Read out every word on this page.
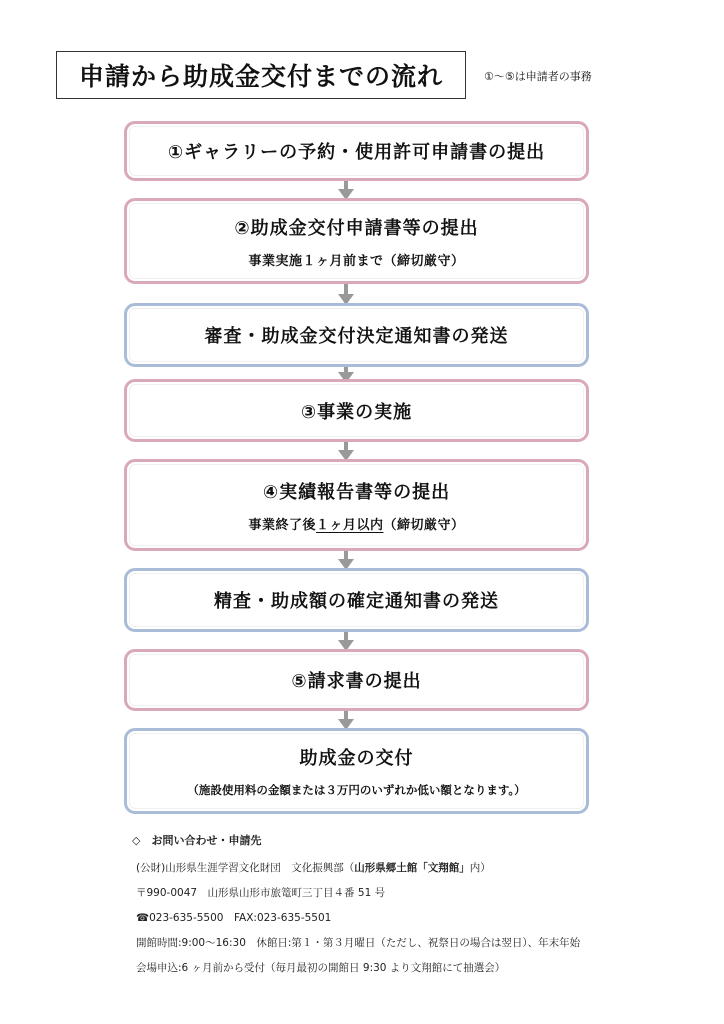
申請から助成金交付までの流れ	①〜⑤は申請者の事務
①ギャラリーの予約・使用許可申請書の提出
②助成金交付申請書等の提出
事業実施１ヶ月前まで（締切厳守）
審査・助成金交付決定通知書の発送
③事業の実施
④実績報告書等の提出
事業終了後１ヶ月以内（締切厳守）
精査・助成額の確定通知書の発送
⑤請求書の提出
助成金の交付
（施設使用料の金額または３万円のいずれか低い額となります。）
◇　お問い合わせ・申請先
(公財)山形県生涯学習文化財団　文化振興部（山形県郷土館「文翔館」内）
〒990-0047　山形県山形市旅篭町三丁目４番 51 号
☎023-635-5500　FAX:023-635-5501
開館時間:9:00〜16:30　休館日:第１・第３月曜日（ただし、祝祭日の場合は翌日）、年末年始
会場申込:6 ヶ月前から受付（毎月最初の開館日 9:30 より文翔館にて抽選会）
